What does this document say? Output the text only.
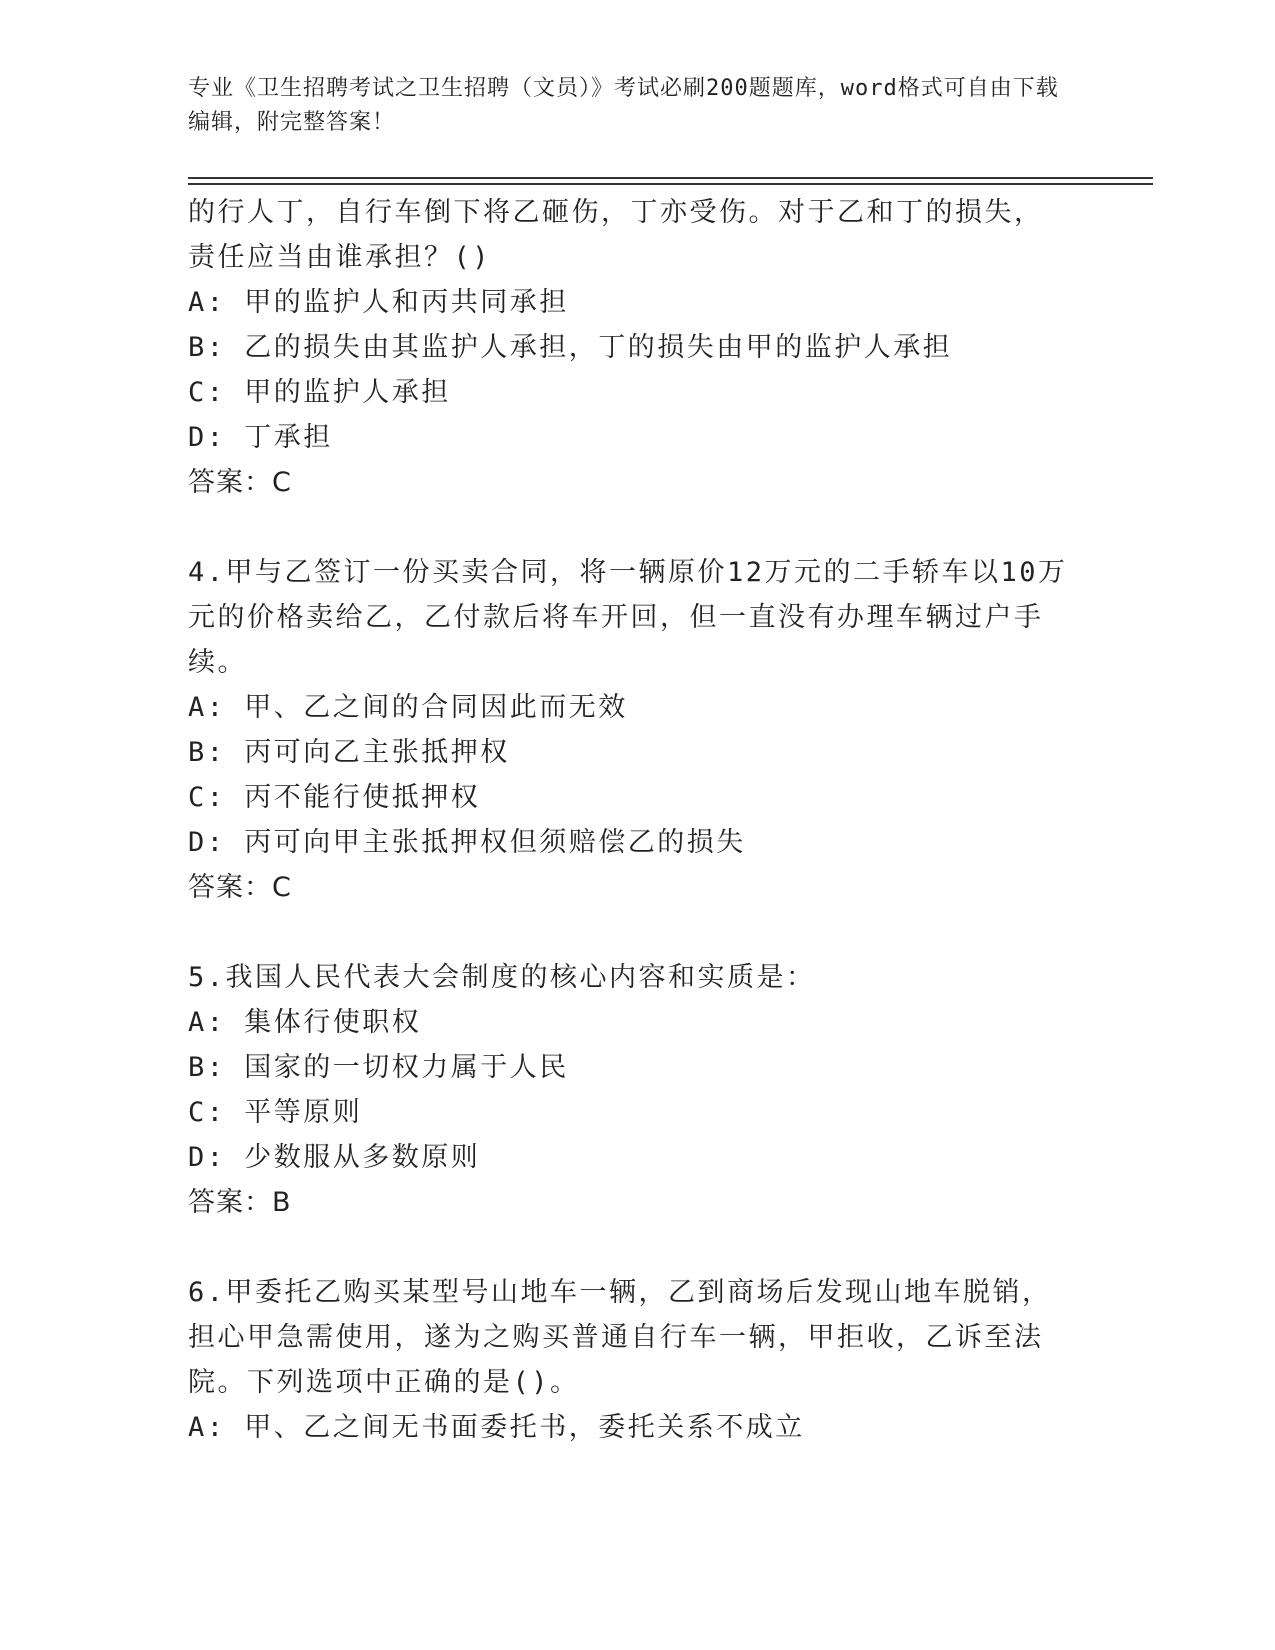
专业《卫生招聘考试之卫生招聘（文员）》考试必刷200题题库，word格式可自由下载编辑，附完整答案！
的行人丁，自行车倒下将乙砸伤，丁亦受伤。对于乙和丁的损失，责任应当由谁承担？()
A: 甲的监护人和丙共同承担
B: 乙的损失由其监护人承担，丁的损失由甲的监护人承担
C: 甲的监护人承担
D: 丁承担
答案：C
4.甲与乙签订一份买卖合同，将一辆原价12万元的二手轿车以10万元的价格卖给乙，乙付款后将车开回，但一直没有办理车辆过户手续。
A: 甲、乙之间的合同因此而无效
B: 丙可向乙主张抵押权
C: 丙不能行使抵押权
D: 丙可向甲主张抵押权但须赔偿乙的损失
答案：C
5.我国人民代表大会制度的核心内容和实质是：
A: 集体行使职权
B: 国家的一切权力属于人民
C: 平等原则
D: 少数服从多数原则
答案：B
6.甲委托乙购买某型号山地车一辆，乙到商场后发现山地车脱销，担心甲急需使用，遂为之购买普通自行车一辆，甲拒收，乙诉至法院。下列选项中正确的是()。
A: 甲、乙之间无书面委托书，委托关系不成立
